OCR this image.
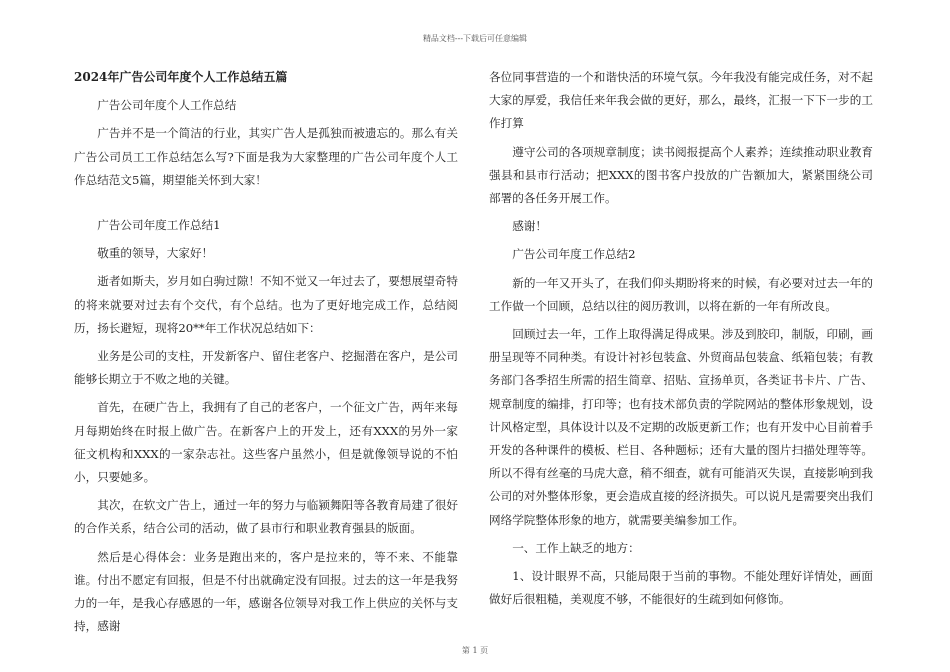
精品文档---下载后可任意编辑

2024年广告公司年度个人工作总结五篇

广告公司年度个人工作总结

广告并不是一个简洁的行业，其实广告人是孤独而被遗忘的。那么有关广告公司员工工作总结怎么写?下面是我为大家整理的广告公司年度个人工作总结范文5篇，期望能关怀到大家！

广告公司年度工作总结1

敬重的领导，大家好！

逝者如斯夫，岁月如白驹过隙！不知不觉又一年过去了，要想展望奇特的将来就要对过去有个交代，有个总结。也为了更好地完成工作，总结阅历，扬长避短，现将20**年工作状况总结如下：

业务是公司的支柱，开发新客户、留住老客户、挖掘潜在客户，是公司能够长期立于不败之地的关键。

首先，在硬广告上，我拥有了自己的老客户，一个征文广告，两年来每月每期始终在时报上做广告。在新客户上的开发上，还有XXX的另外一家征文机构和XXX的一家杂志社。这些客户虽然小，但是就像领导说的不怕小，只要她多。

其次，在软文广告上，通过一年的努力与临颍舞阳等各教育局建了很好的合作关系，结合公司的活动，做了县市行和职业教育强县的版面。

然后是心得体会：业务是跑出来的，客户是拉来的，等不来、不能靠谁。付出不愿定有回报，但是不付出就确定没有回报。过去的这一年是我努力的一年，是我心存感恩的一年，感谢各位领导对我工作上供应的关怀与支持，感谢

各位同事营造的一个和谐快活的环境气氛。今年我没有能完成任务，对不起大家的厚爱，我信任来年我会做的更好，那么，最终，汇报一下下一步的工作打算

遵守公司的各项规章制度；读书阅报提高个人素养；连续推动职业教育强县和县市行活动；把XXX的图书客户投放的广告额加大，紧紧围绕公司部署的各任务开展工作。

感谢！

广告公司年度工作总结2

新的一年又开头了，在我们仰头期盼将来的时候，有必要对过去一年的工作做一个回顾，总结以往的阅历教训，以将在新的一年有所改良。

回顾过去一年，工作上取得满足得成果。涉及到胶印，制版，印刷，画册呈现等不同种类。有设计衬衫包装盒、外贸商品包装盒、纸箱包装；有教务部门各季招生所需的招生简章、招贴、宣扬单页，各类证书卡片、广告、规章制度的编排，打印等；也有技术部负责的学院网站的整体形象规划，设计风格定型，具体设计以及不定期的改版更新工作；也有开发中心目前着手开发的各种课件的模板、栏目、各种题标；还有大量的图片扫描处理等等。所以不得有丝毫的马虎大意，稍不细查，就有可能消灭失误，直接影响到我公司的对外整体形象，更会造成直接的经济损失。可以说凡是需要突出我们网络学院整体形象的地方，就需要美编参加工作。

一、工作上缺乏的地方：

1、设计眼界不高，只能局限于当前的事物。不能处理好详情处，画面做好后很粗糙，美观度不够，不能很好的生疏到如何修饰。

第 1 页
